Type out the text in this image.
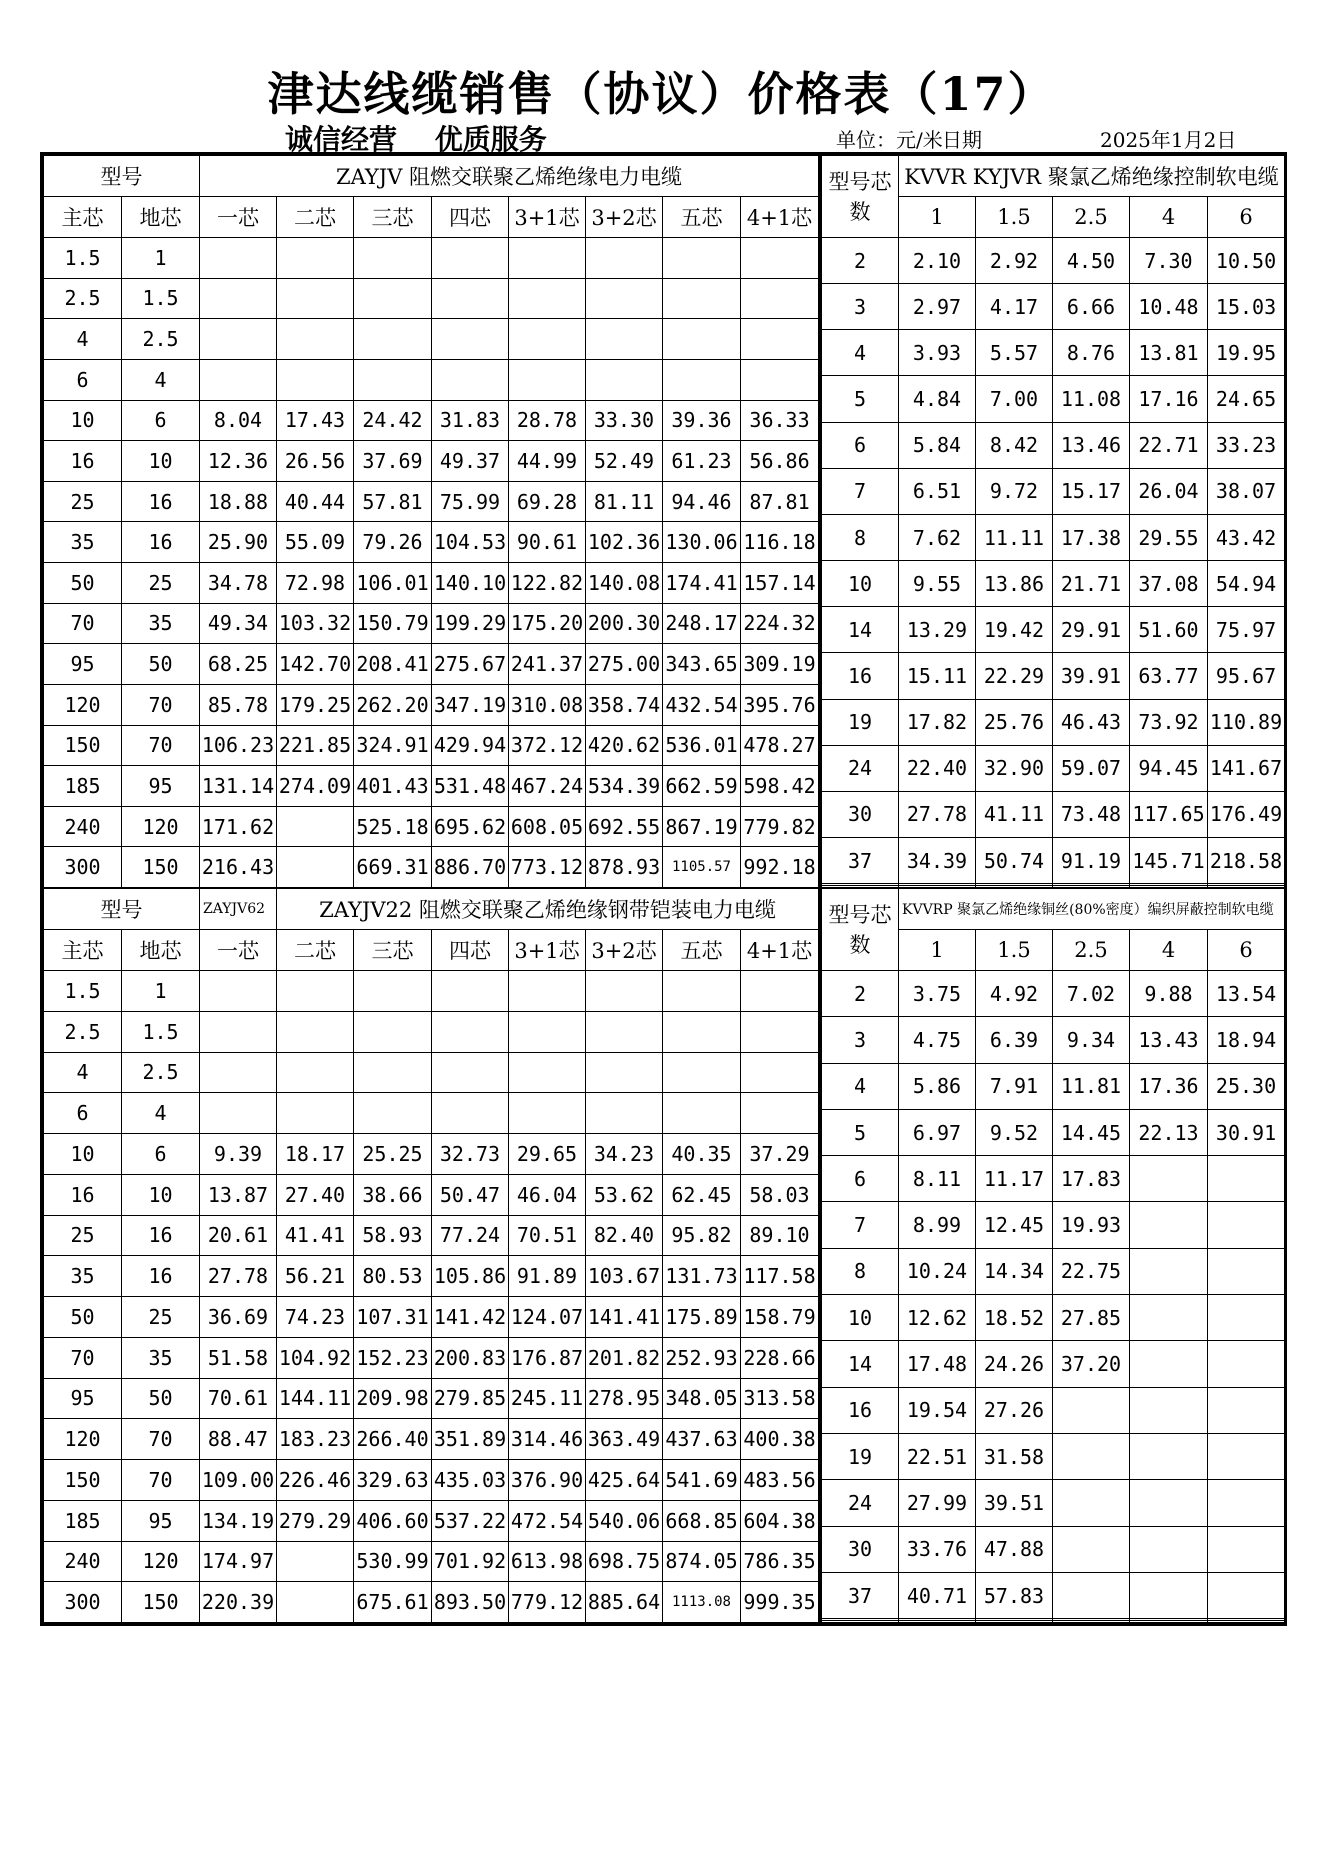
津达线缆销售（协议）价格表（17）
诚信经营 优质服务	单位：元/米 日期	2025年1月2日
型号		ZAYJV 阻燃交联聚乙烯绝缘电力电缆							
主芯	地芯	一芯	二芯	三芯	四芯	3+1芯	3+2芯	五芯	4+1芯
1.5	1								
2.5	1.5								
4	2.5								
6	4								
10	6	8.04	17.43	24.42	31.83	28.78	33.30	39.36	36.33
16	10	12.36	26.56	37.69	49.37	44.99	52.49	61.23	56.86
25	16	18.88	40.44	57.81	75.99	69.28	81.11	94.46	87.81
35	16	25.90	55.09	79.26	104.53	90.61	102.36	130.06	116.18
50	25	34.78	72.98	106.01	140.10	122.82	140.08	174.41	157.14
70	35	49.34	103.32	150.79	199.29	175.20	200.30	248.17	224.32
95	50	68.25	142.70	208.41	275.67	241.37	275.00	343.65	309.19
120	70	85.78	179.25	262.20	347.19	310.08	358.74	432.54	395.76
150	70	106.23	221.85	324.91	429.94	372.12	420.62	536.01	478.27
185	95	131.14	274.09	401.43	531.48	467.24	534.39	662.59	598.42
240	120	171.62		525.18	695.62	608.05	692.55	867.19	779.82
300	150	216.43		669.31	886.70	773.12	878.93	1105.57	992.18
型号芯数	KVVR KYJVR 聚氯乙烯绝缘控制软电缆				
	1	1.5	2.5	4	6
2	2.10	2.92	4.50	7.30	10.50
3	2.97	4.17	6.66	10.48	15.03
4	3.93	5.57	8.76	13.81	19.95
5	4.84	7.00	11.08	17.16	24.65
6	5.84	8.42	13.46	22.71	33.23
7	6.51	9.72	15.17	26.04	38.07
8	7.62	11.11	17.38	29.55	43.42
10	9.55	13.86	21.71	37.08	54.94
14	13.29	19.42	29.91	51.60	75.97
16	15.11	22.29	39.91	63.77	95.67
19	17.82	25.76	46.43	73.92	110.89
24	22.40	32.90	59.07	94.45	141.67
30	27.78	41.11	73.48	117.65	176.49
37	34.39	50.74	91.19	145.71	218.58

型号		ZAYJV62	ZAYJV22 阻燃交联聚乙烯绝缘钢带铠装电力电缆						
主芯	地芯	一芯	二芯	三芯	四芯	3+1芯	3+2芯	五芯	4+1芯
1.5	1								
2.5	1.5								
4	2.5								
6	4								
10	6	9.39	18.17	25.25	32.73	29.65	34.23	40.35	37.29
16	10	13.87	27.40	38.66	50.47	46.04	53.62	62.45	58.03
25	16	20.61	41.41	58.93	77.24	70.51	82.40	95.82	89.10
35	16	27.78	56.21	80.53	105.86	91.89	103.67	131.73	117.58
50	25	36.69	74.23	107.31	141.42	124.07	141.41	175.89	158.79
70	35	51.58	104.92	152.23	200.83	176.87	201.82	252.93	228.66
95	50	70.61	144.11	209.98	279.85	245.11	278.95	348.05	313.58
120	70	88.47	183.23	266.40	351.89	314.46	363.49	437.63	400.38
150	70	109.00	226.46	329.63	435.03	376.90	425.64	541.69	483.56
185	95	134.19	279.29	406.60	537.22	472.54	540.06	668.85	604.38
240	120	174.97		530.99	701.92	613.98	698.75	874.05	786.35
300	150	220.39		675.61	893.50	779.12	885.64	1113.08	999.35
型号芯数	KVVRP 聚氯乙烯绝缘铜丝(80%密度）编织屏蔽控制软电缆				
	1	1.5	2.5	4	6
2	3.75	4.92	7.02	9.88	13.54
3	4.75	6.39	9.34	13.43	18.94
4	5.86	7.91	11.81	17.36	25.30
5	6.97	9.52	14.45	22.13	30.91
6	8.11	11.17	17.83		
7	8.99	12.45	19.93		
8	10.24	14.34	22.75		
10	12.62	18.52	27.85		
14	17.48	24.26	37.20		
16	19.54	27.26			
19	22.51	31.58			
24	27.99	39.51			
30	33.76	47.88			
37	40.71	57.83			
